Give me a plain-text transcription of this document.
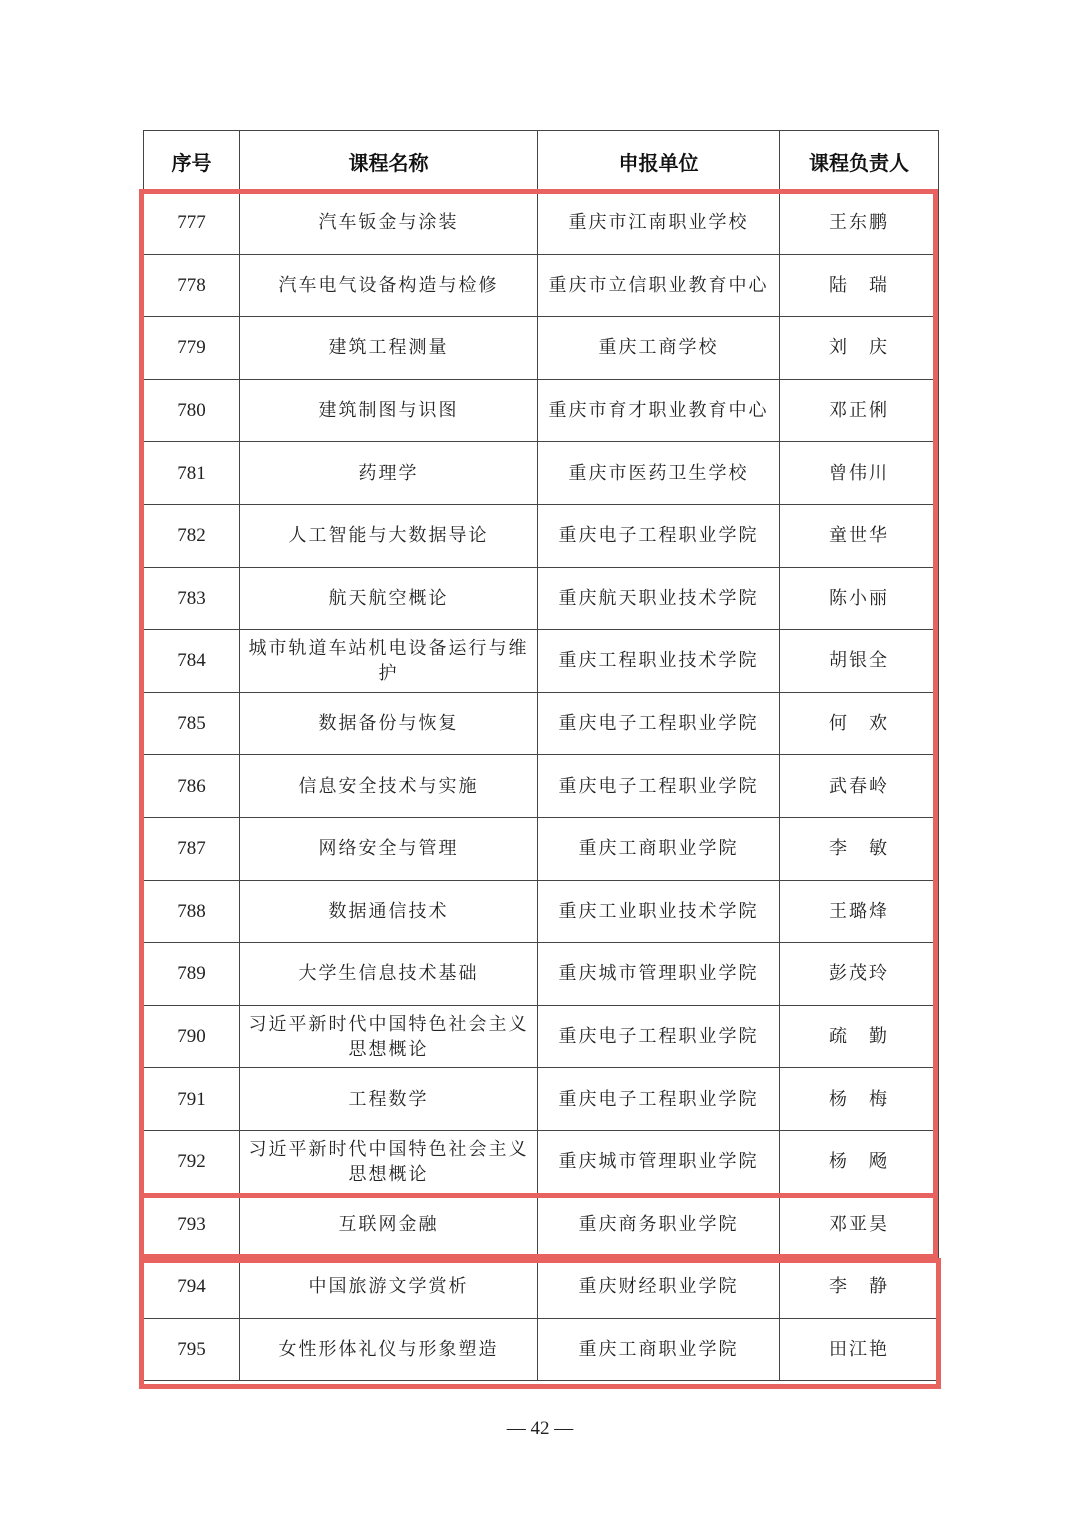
序号	课程名称	申报单位	课程负责人
777	汽车钣金与涂装	重庆市江南职业学校	王东鹏
778	汽车电气设备构造与检修	重庆市立信职业教育中心	陆　瑞
779	建筑工程测量	重庆工商学校	刘　庆
780	建筑制图与识图	重庆市育才职业教育中心	邓正俐
781	药理学	重庆市医药卫生学校	曾伟川
782	人工智能与大数据导论	重庆电子工程职业学院	童世华
783	航天航空概论	重庆航天职业技术学院	陈小丽
784	城市轨道车站机电设备运行与维护	重庆工程职业技术学院	胡银全
785	数据备份与恢复	重庆电子工程职业学院	何　欢
786	信息安全技术与实施	重庆电子工程职业学院	武春岭
787	网络安全与管理	重庆工商职业学院	李　敏
788	数据通信技术	重庆工业职业技术学院	王璐烽
789	大学生信息技术基础	重庆城市管理职业学院	彭茂玲
790	习近平新时代中国特色社会主义思想概论	重庆电子工程职业学院	疏　勤
791	工程数学	重庆电子工程职业学院	杨　梅
792	习近平新时代中国特色社会主义思想概论	重庆城市管理职业学院	杨　飏
793	互联网金融	重庆商务职业学院	邓亚昊
794	中国旅游文学赏析	重庆财经职业学院	李　静
795	女性形体礼仪与形象塑造	重庆工商职业学院	田江艳
— 42 —
